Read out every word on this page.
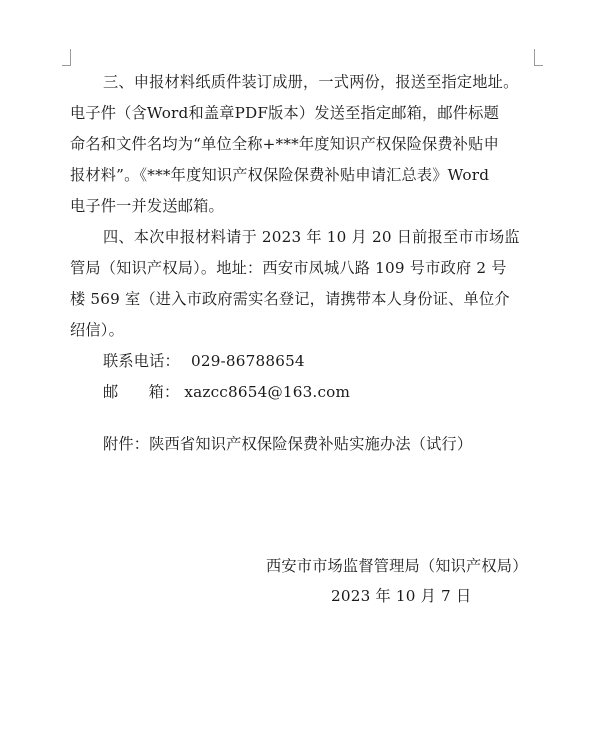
三、申报材料纸质件装订成册，一式两份，报送至指定地址。
电子件（含Word和盖章PDF版本）发送至指定邮箱，邮件标题
命名和文件名均为“单位全称+***年度知识产权保险保费补贴申
报材料”。《***年度知识产权保险保费补贴申请汇总表》Word
电子件一并发送邮箱。
四、本次申报材料请于 2023 年 10 月 20 日前报至市市场监
管局（知识产权局）。地址：西安市凤城八路 109 号市政府 2 号
楼 569 室（进入市政府需实名登记，请携带本人身份证、单位介
绍信）。
联系电话： 029-86788654
邮      箱： xazcc8654@163.com
附件：陕西省知识产权保险保费补贴实施办法（试行）
西安市市场监督管理局（知识产权局）
2023 年 10 月 7 日
